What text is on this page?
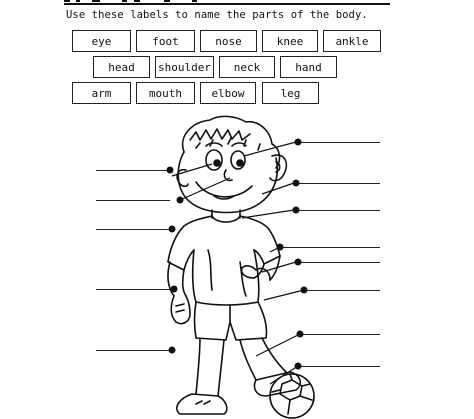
Use these labels to name the parts of the body.
eye	foot	nose	knee	ankle
head	shoulder	neck	hand
arm	mouth	elbow	leg
